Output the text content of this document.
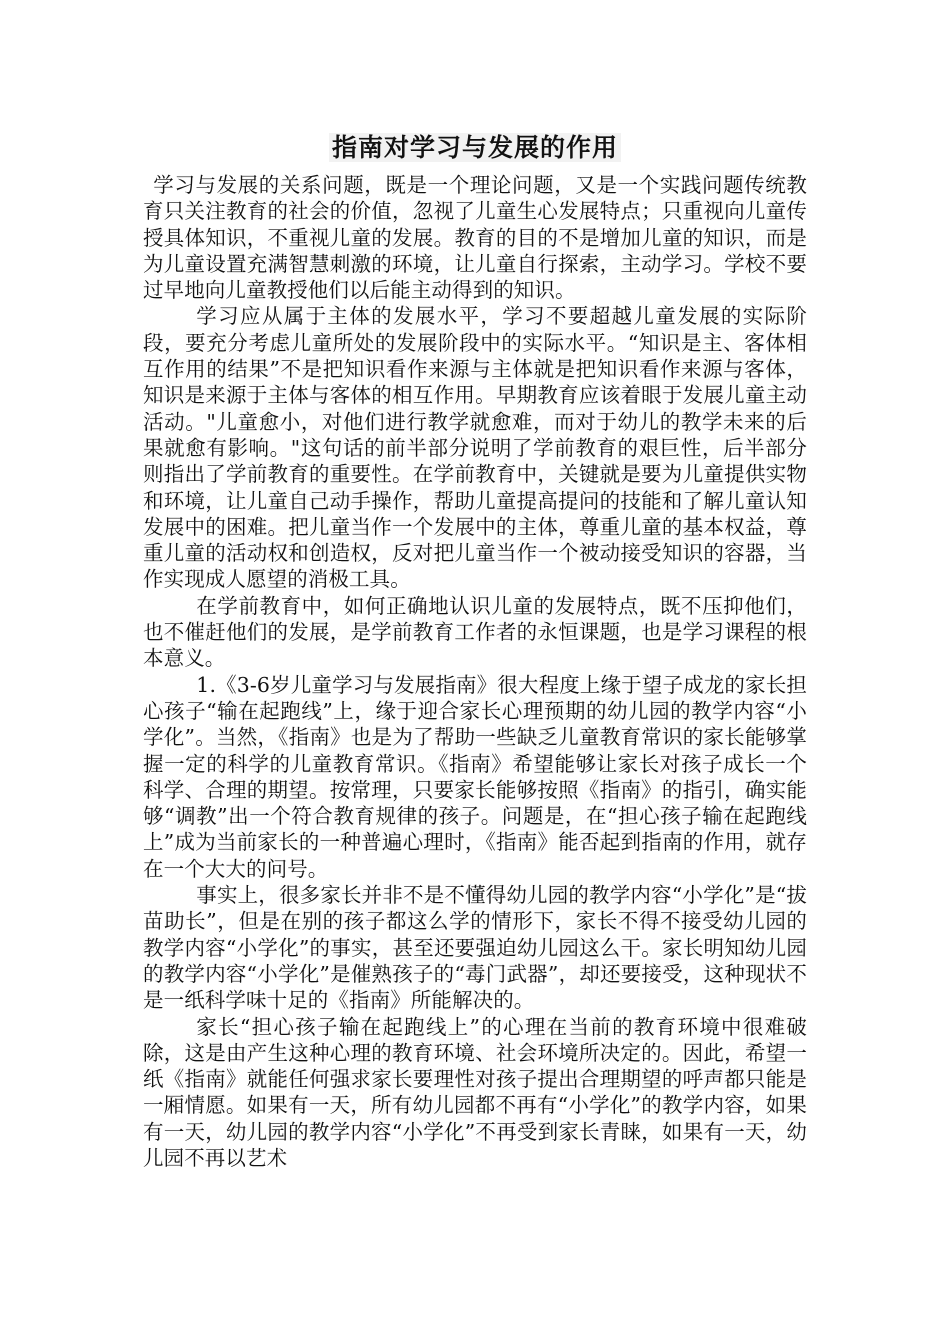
指南对学习与发展的作用

学习与发展的关系问题，既是一个理论问题，又是一个实践问题传统教育只关注教育的社会的价值，忽视了儿童生心发展特点；只重视向儿童传授具体知识，不重视儿童的发展。教育的目的不是增加儿童的知识，而是为儿童设置充满智慧刺激的环境，让儿童自行探索，主动学习。学校不要过早地向儿童教授他们以后能主动得到的知识。

学习应从属于主体的发展水平，学习不要超越儿童发展的实际阶段，要充分考虑儿童所处的发展阶段中的实际水平。“知识是主、客体相互作用的结果”不是把知识看作来源与主体就是把知识看作来源与客体，知识是来源于主体与客体的相互作用。早期教育应该着眼于发展儿童主动活动。"儿童愈小，对他们进行教学就愈难，而对于幼儿的教学未来的后果就愈有影响。"这句话的前半部分说明了学前教育的艰巨性，后半部分则指出了学前教育的重要性。在学前教育中，关键就是要为儿童提供实物和环境，让儿童自己动手操作，帮助儿童提高提问的技能和了解儿童认知发展中的困难。把儿童当作一个发展中的主体，尊重儿童的基本权益，尊重儿童的活动权和创造权，反对把儿童当作一个被动接受知识的容器，当作实现成人愿望的消极工具。

在学前教育中，如何正确地认识儿童的发展特点，既不压抑他们，也不催赶他们的发展，是学前教育工作者的永恒课题，也是学习课程的根本意义。

1.《3-6岁儿童学习与发展指南》很大程度上缘于望子成龙的家长担心孩子“输在起跑线”上，缘于迎合家长心理预期的幼儿园的教学内容“小学化”。当然，《指南》也是为了帮助一些缺乏儿童教育常识的家长能够掌握一定的科学的儿童教育常识。《指南》希望能够让家长对孩子成长一个科学、合理的期望。按常理，只要家长能够按照《指南》的指引，确实能够“调教”出一个符合教育规律的孩子。问题是，在“担心孩子输在起跑线上”成为当前家长的一种普遍心理时，《指南》能否起到指南的作用，就存在一个大大的问号。

事实上，很多家长并非不是不懂得幼儿园的教学内容“小学化”是“拔苗助长”，但是在别的孩子都这么学的情形下，家长不得不接受幼儿园的教学内容“小学化”的事实，甚至还要强迫幼儿园这么干。家长明知幼儿园的教学内容“小学化”是催熟孩子的“毒门武器”，却还要接受，这种现状不是一纸科学味十足的《指南》所能解决的。

家长“担心孩子输在起跑线上”的心理在当前的教育环境中很难破除，这是由产生这种心理的教育环境、社会环境所决定的。因此，希望一纸《指南》就能任何强求家长要理性对孩子提出合理期望的呼声都只能是一厢情愿。如果有一天，所有幼儿园都不再有“小学化”的教学内容，如果有一天，幼儿园的教学内容“小学化”不再受到家长青睐，如果有一天，幼儿园不再以艺术
